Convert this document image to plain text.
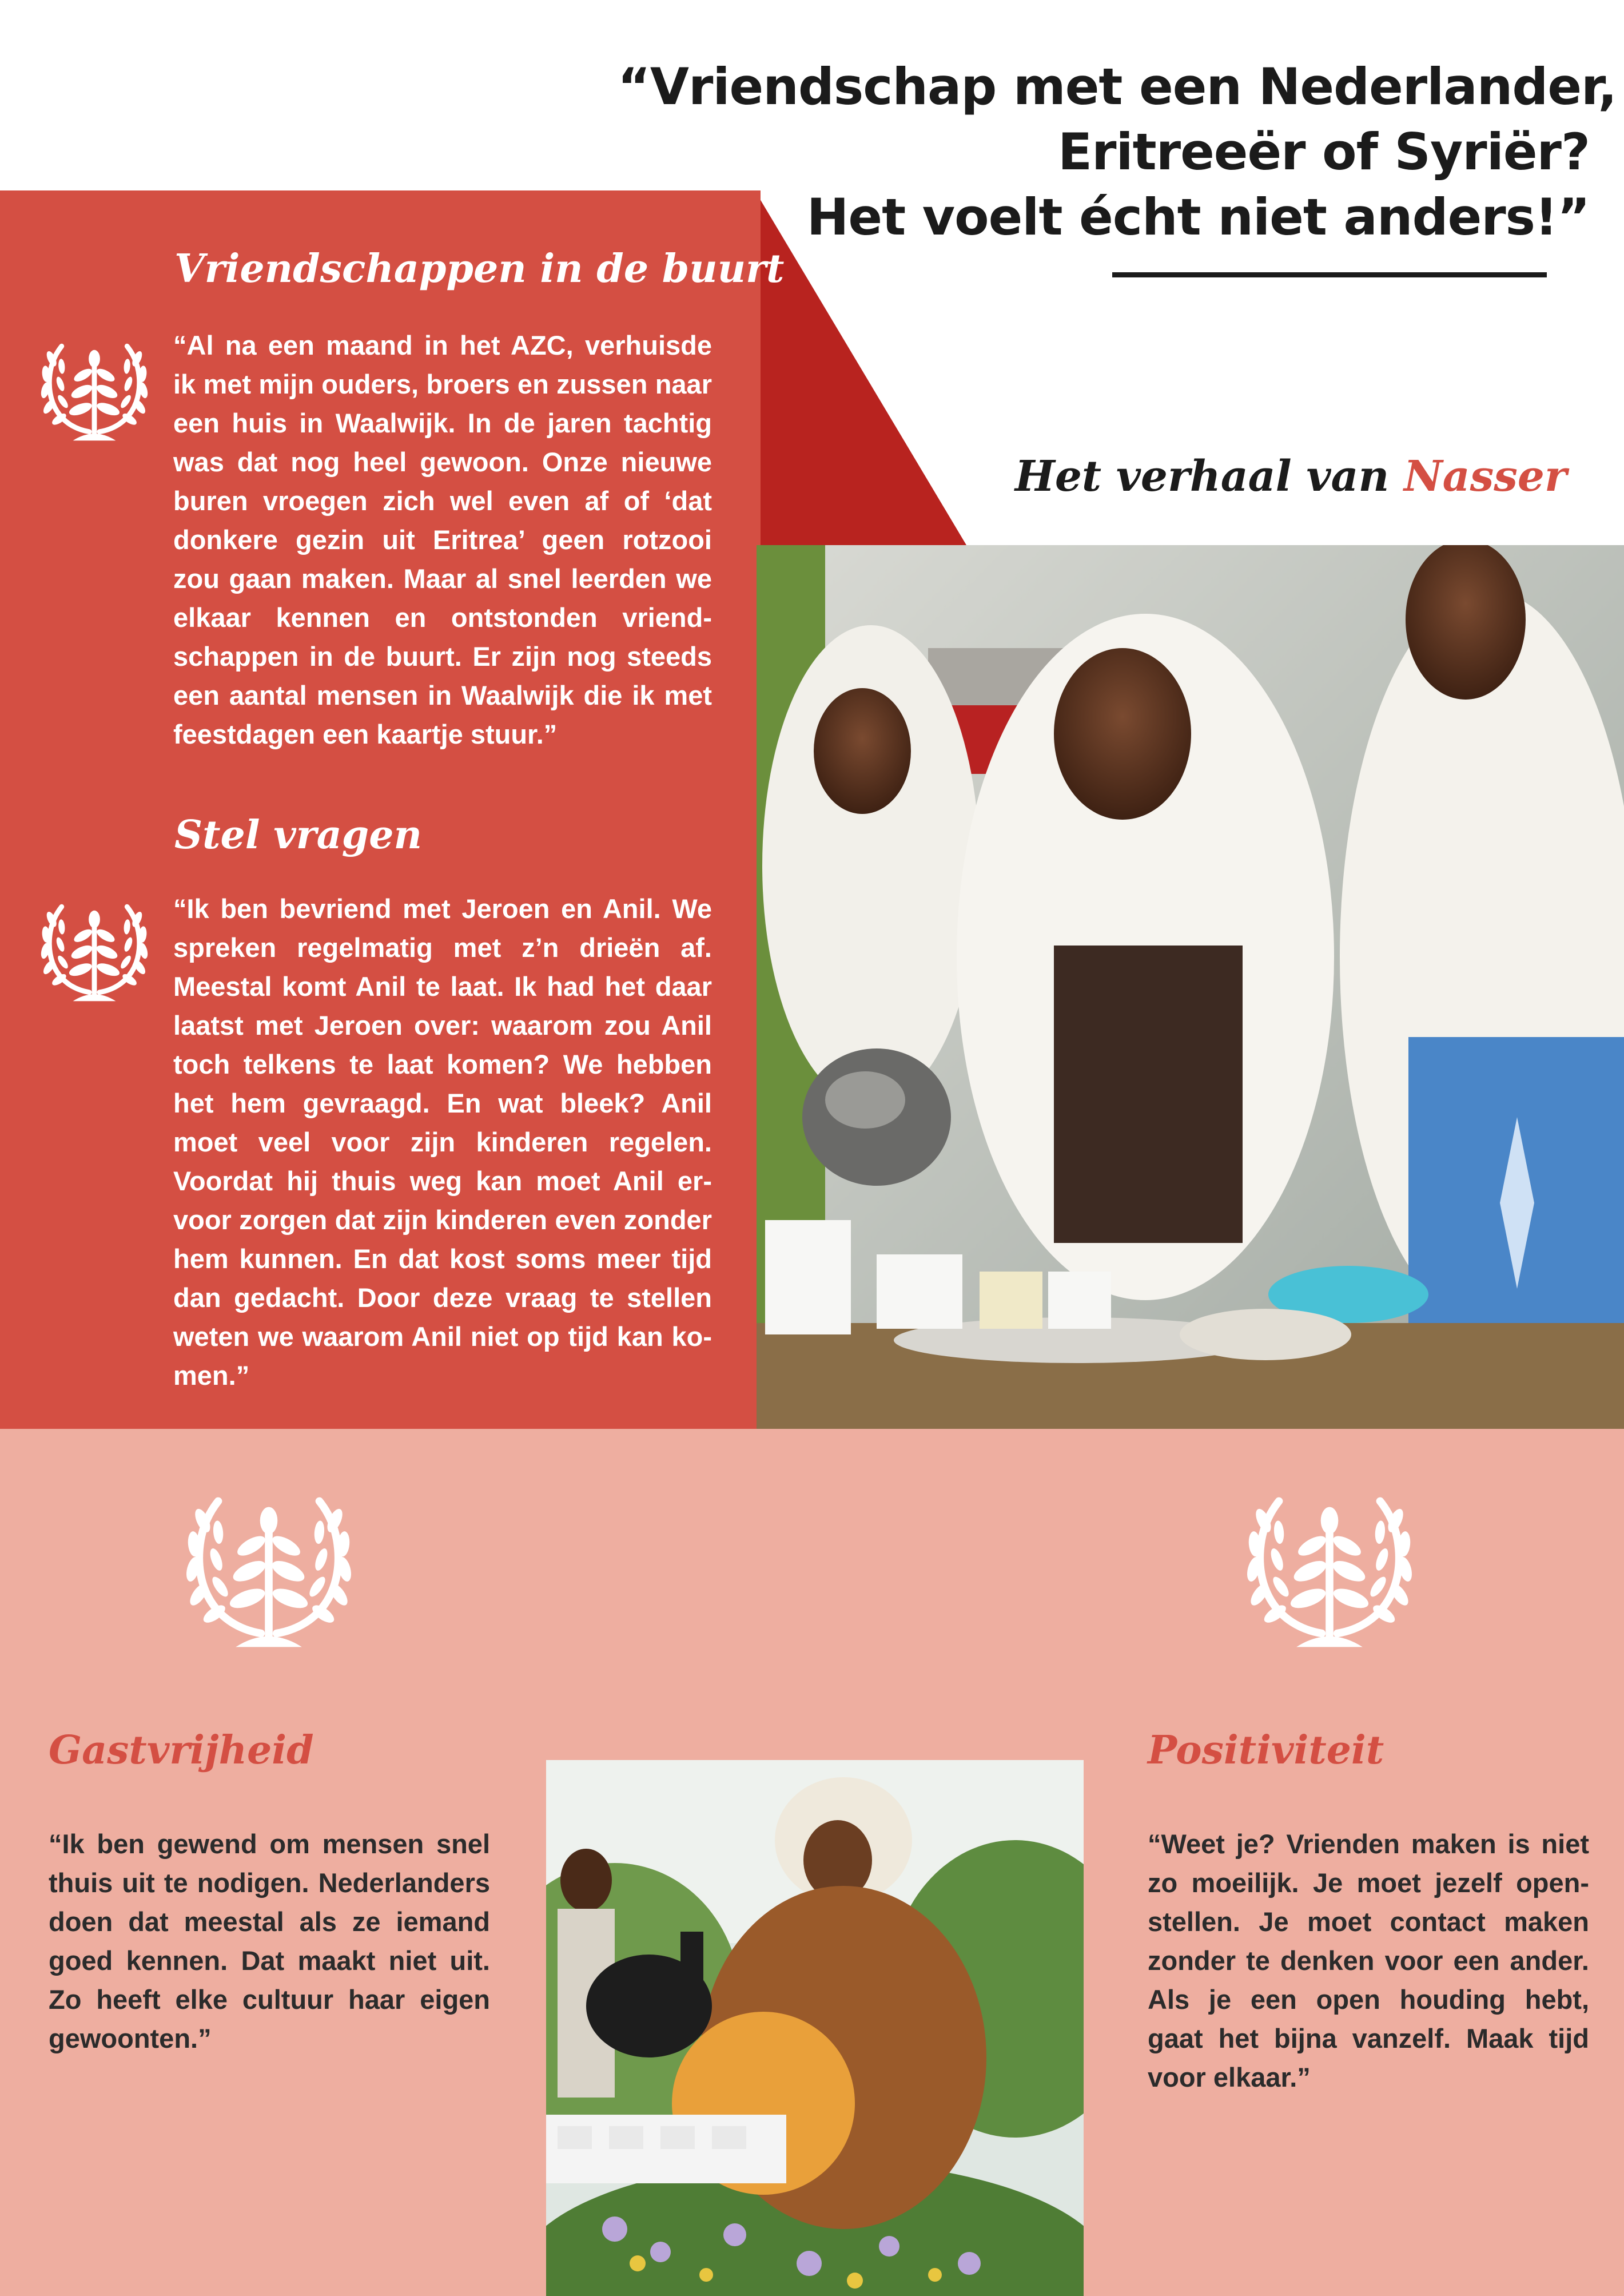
“Vriendschap met een Nederlander,
Eritreeër of Syriër?
Het voelt écht niet anders!”
Het verhaal van Nasser
Vriendschappen in de buurt
“Al na een maand in het AZC, verhuisde ik met mijn ouders, broers en zussen naar een huis in Waalwijk. In de jaren tachtig was dat nog heel gewoon. Onze nieuwe buren vroegen zich wel even af of ‘dat donkere gezin uit Eritrea’ geen rotzooi zou gaan maken. Maar al snel leerden we elkaar kennen en ontstonden vriendschappen in de buurt. Er zijn nog steeds een aantal mensen in Waalwijk die ik met feestdagen een kaartje stuur.”
Stel vragen
“Ik ben bevriend met Jeroen en Anil. We spreken regelmatig met z’n drieën af. Meestal komt Anil te laat. Ik had het daar laatst met Jeroen over: waarom zou Anil toch telkens te laat komen? We hebben het hem gevraagd. En wat bleek? Anil moet veel voor zijn kinderen regelen. Voordat hij thuis weg kan moet Anil ervoor zorgen dat zijn kinderen even zonder hem kunnen. En dat kost soms meer tijd dan gedacht. Door deze vraag te stellen weten we waarom Anil niet op tijd kan komen.”
Gastvrijheid
“Ik ben gewend om mensen snel thuis uit te nodigen. Nederlanders doen dat meestal als ze iemand goed kennen. Dat maakt niet uit. Zo heeft elke cultuur haar eigen gewoonten.”
Positiviteit
“Weet je? Vrienden maken is niet zo moeilijk. Je moet jezelf openstellen. Je moet contact maken zonder te denken voor een ander. Als je een open houding hebt, gaat het bijna vanzelf. Maak tijd voor elkaar.”
